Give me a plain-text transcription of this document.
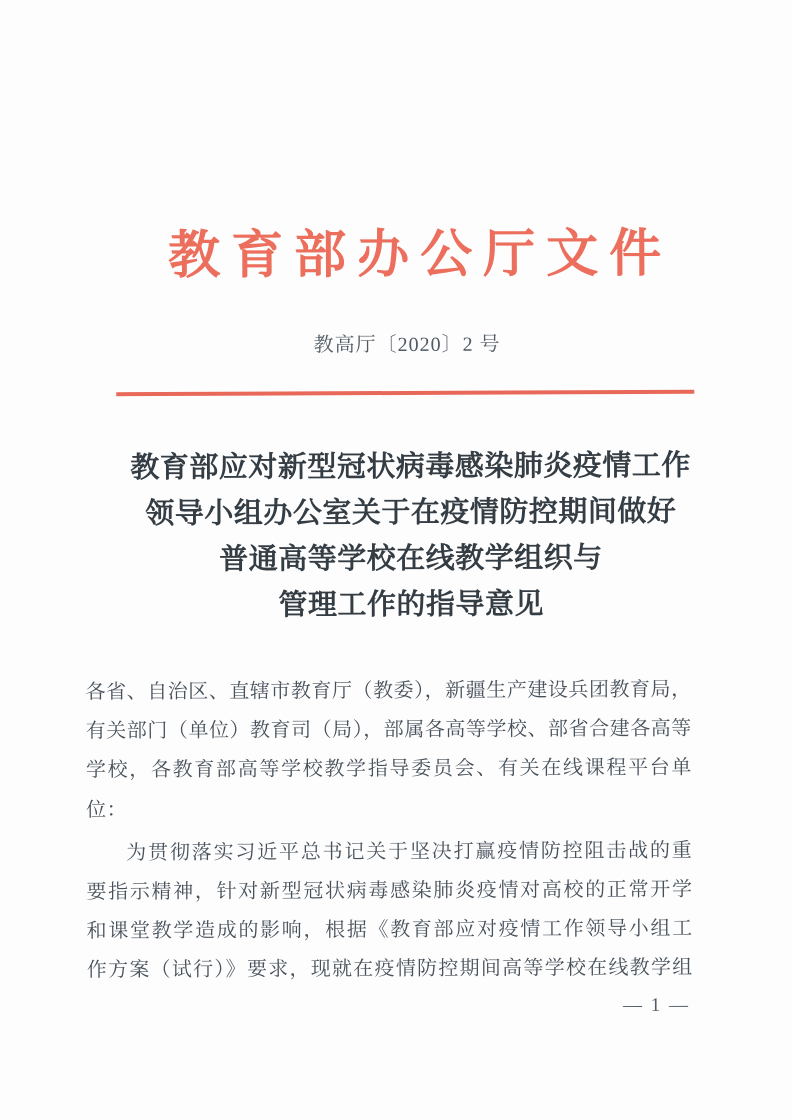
教育部办公厅文件
教高厅〔2020〕2 号
教育部应对新型冠状病毒感染肺炎疫情工作
领导小组办公室关于在疫情防控期间做好
普通高等学校在线教学组织与
管理工作的指导意见
各省、自治区、直辖市教育厅（教委），新疆生产建设兵团教育局，
有关部门（单位）教育司（局），部属各高等学校、部省合建各高等
学校，各教育部高等学校教学指导委员会、有关在线课程平台单
位：
为贯彻落实习近平总书记关于坚决打赢疫情防控阻击战的重
要指示精神，针对新型冠状病毒感染肺炎疫情对高校的正常开学
和课堂教学造成的影响，根据《教育部应对疫情工作领导小组工
作方案（试行）》要求，现就在疫情防控期间高等学校在线教学组
— 1 —
